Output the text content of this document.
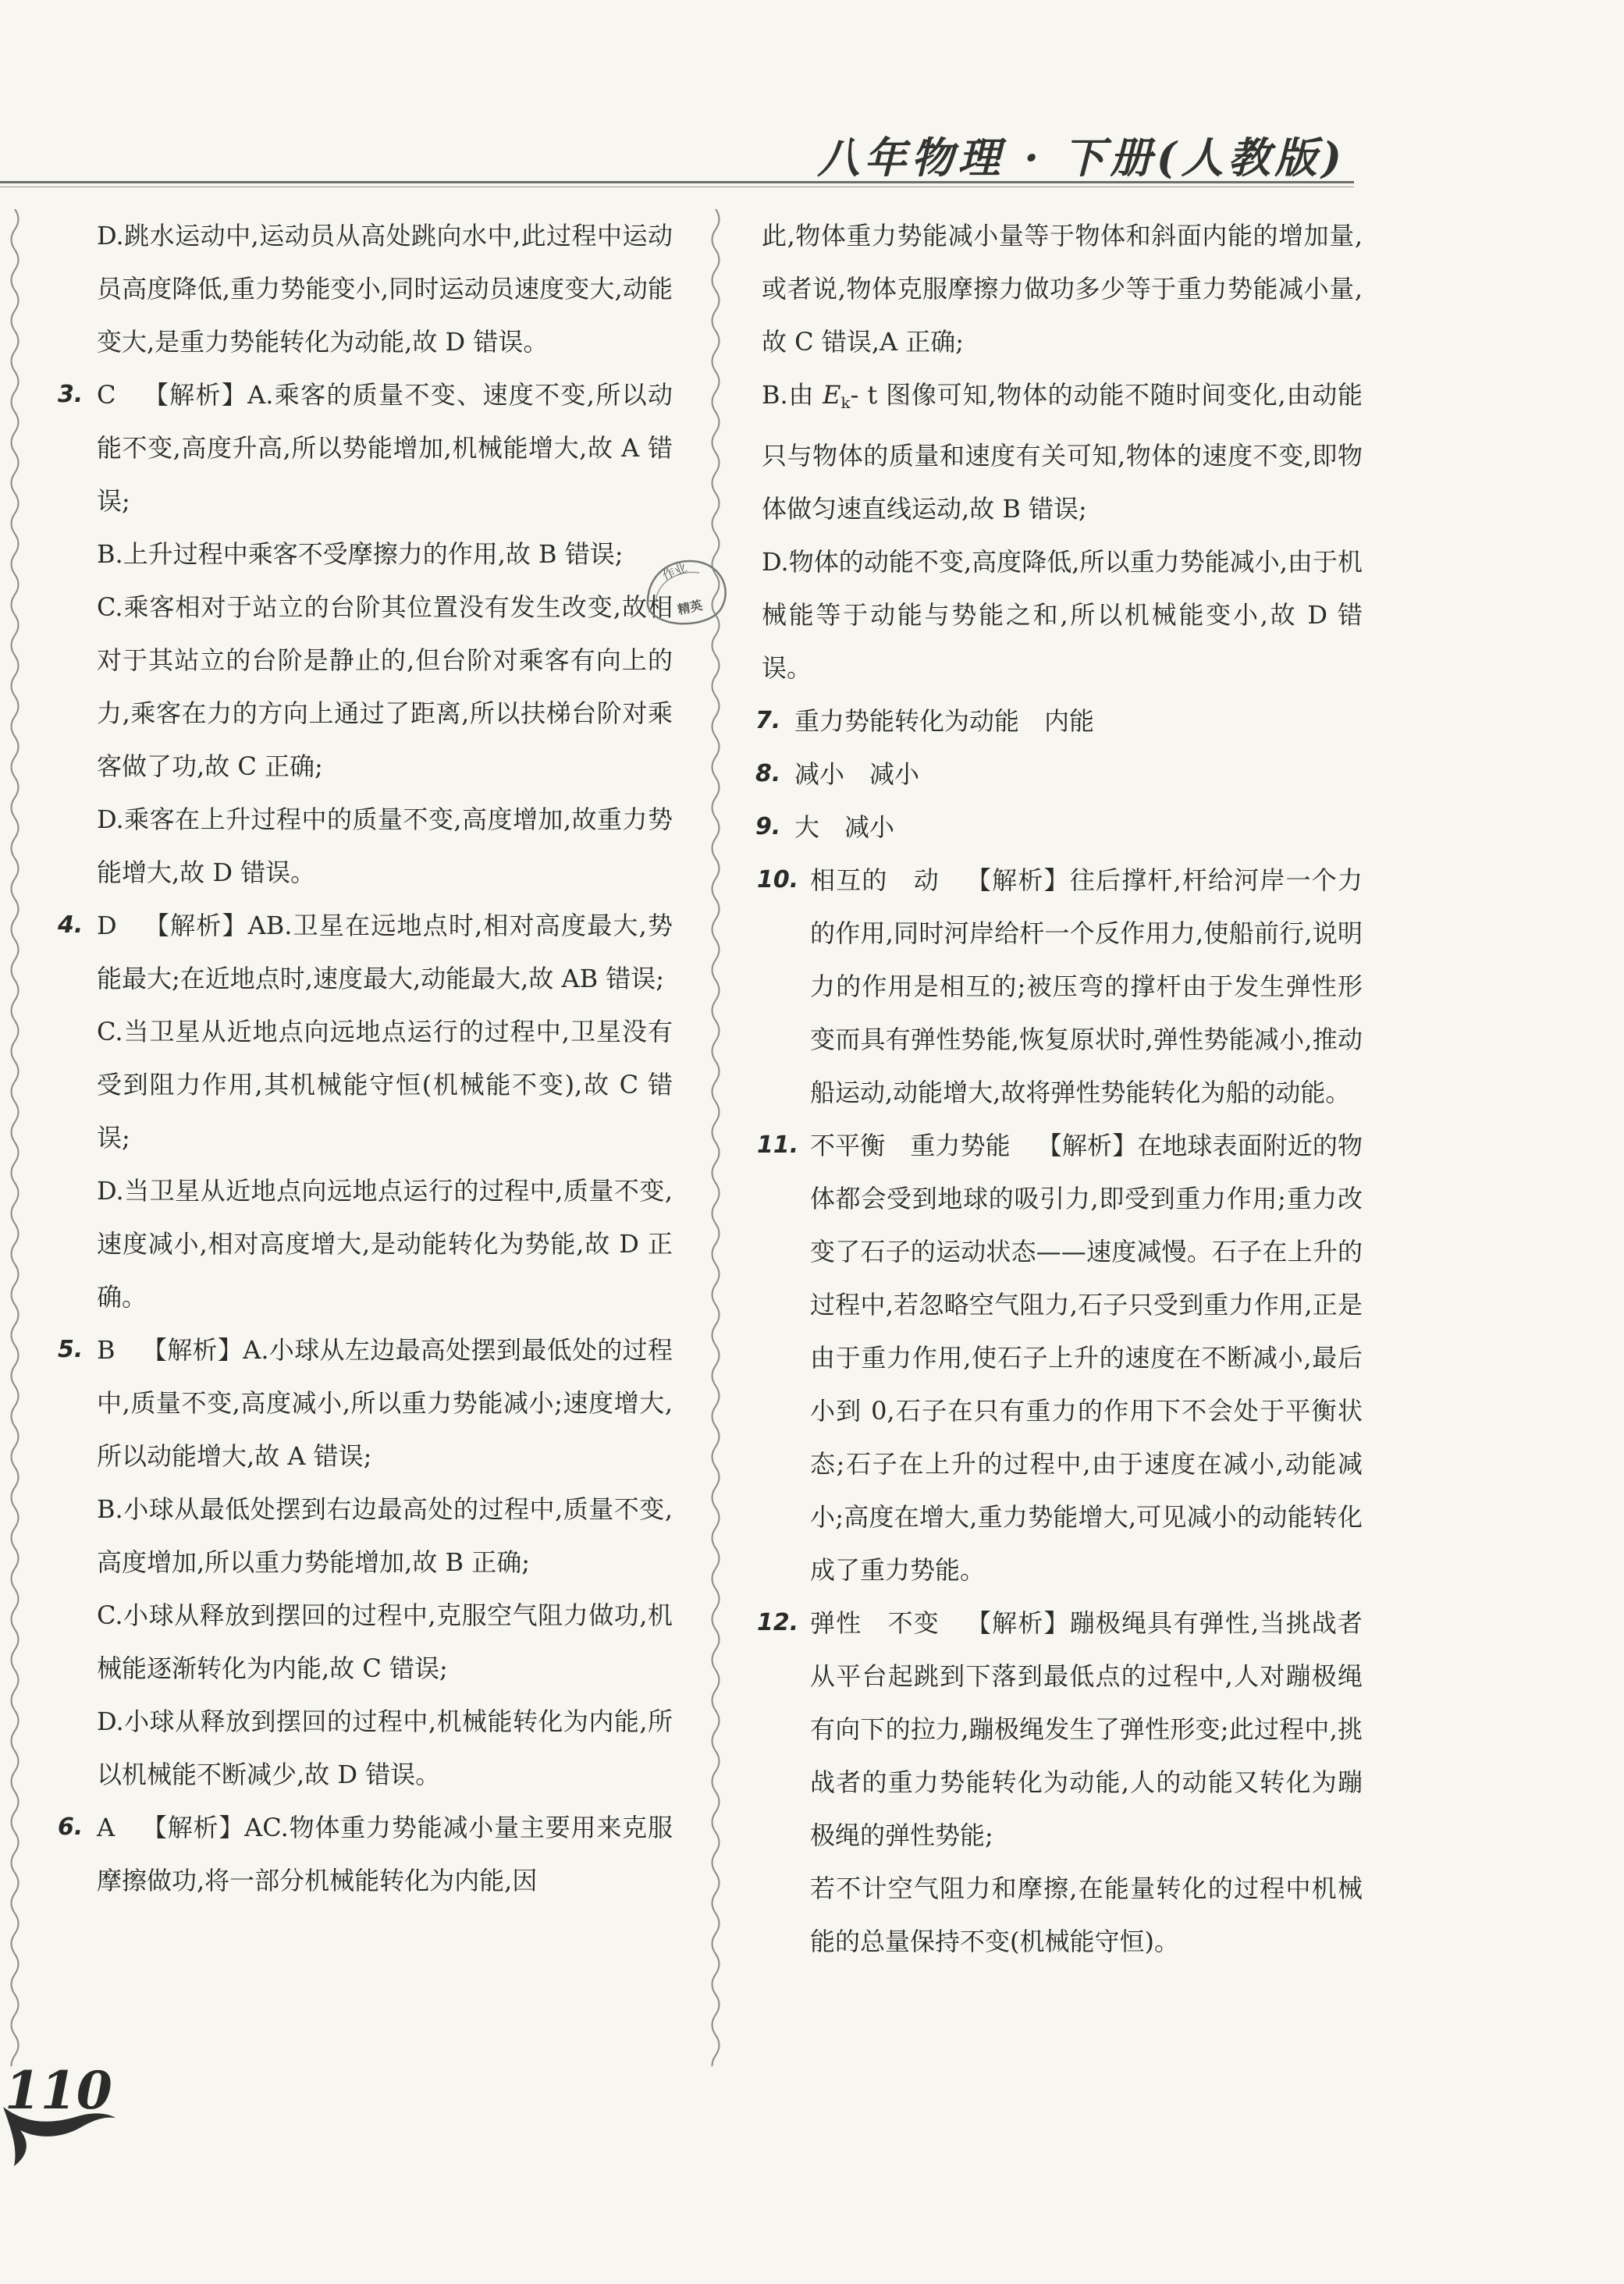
八年物理 · 下册(人教版)

D.跳水运动中,运动员从高处跳向水中,此过程中运动员高度降低,重力势能变小,同时运动员速度变大,动能变大,是重力势能转化为动能,故 D 错误。

3. C 【解析】A.乘客的质量不变、速度不变,所以动能不变,高度升高,所以势能增加,机械能增大,故 A 错误;

B.上升过程中乘客不受摩擦力的作用,故 B 错误;

C.乘客相对于站立的台阶其位置没有发生改变,故相对于其站立的台阶是静止的,但台阶对乘客有向上的力,乘客在力的方向上通过了距离,所以扶梯台阶对乘客做了功,故 C 正确;

D.乘客在上升过程中的质量不变,高度增加,故重力势能增大,故 D 错误。

4. D 【解析】AB.卫星在远地点时,相对高度最大,势能最大;在近地点时,速度最大,动能最大,故 AB 错误;

C.当卫星从近地点向远地点运行的过程中,卫星没有受到阻力作用,其机械能守恒(机械能不变),故 C 错误;

D.当卫星从近地点向远地点运行的过程中,质量不变,速度减小,相对高度增大,是动能转化为势能,故 D 正确。

5. B 【解析】A.小球从左边最高处摆到最低处的过程中,质量不变,高度减小,所以重力势能减小;速度增大,所以动能增大,故 A 错误;

B.小球从最低处摆到右边最高处的过程中,质量不变,高度增加,所以重力势能增加,故 B 正确;

C.小球从释放到摆回的过程中,克服空气阻力做功,机械能逐渐转化为内能,故 C 错误;

D.小球从释放到摆回的过程中,机械能转化为内能,所以机械能不断减少,故 D 错误。

6. A 【解析】AC.物体重力势能减小量主要用来克服摩擦做功,将一部分机械能转化为内能,因

作业
精英

此,物体重力势能减小量等于物体和斜面内能的增加量,或者说,物体克服摩擦力做功多少等于重力势能减小量,故 C 错误,A 正确;

B.由 $E_k-$ t 图像可知,物体的动能不随时间变化,由动能只与物体的质量和速度有关可知,物体的速度不变,即物体做匀速直线运动,故 B 错误;

D.物体的动能不变,高度降低,所以重力势能减小,由于机械能等于动能与势能之和,所以机械能变小,故 D 错误。

7. 重力势能转化为动能　内能

8. 减小　减小

9. 大　减小

10. 相互的　动 【解析】往后撑杆,杆给河岸一个力的作用,同时河岸给杆一个反作用力,使船前行,说明力的作用是相互的;被压弯的撑杆由于发生弹性形变而具有弹性势能,恢复原状时,弹性势能减小,推动船运动,动能增大,故将弹性势能转化为船的动能。

11. 不平衡　重力势能 【解析】在地球表面附近的物体都会受到地球的吸引力,即受到重力作用;重力改变了石子的运动状态——速度减慢。石子在上升的过程中,若忽略空气阻力,石子只受到重力作用,正是由于重力作用,使石子上升的速度在不断减小,最后小到 0,石子在只有重力的作用下不会处于平衡状态;石子在上升的过程中,由于速度在减小,动能减小;高度在增大,重力势能增大,可见减小的动能转化成了重力势能。

12. 弹性　不变 【解析】蹦极绳具有弹性,当挑战者从平台起跳到下落到最低点的过程中,人对蹦极绳有向下的拉力,蹦极绳发生了弹性形变;此过程中,挑战者的重力势能转化为动能,人的动能又转化为蹦极绳的弹性势能;

若不计空气阻力和摩擦,在能量转化的过程中机械能的总量保持不变(机械能守恒)。

110
